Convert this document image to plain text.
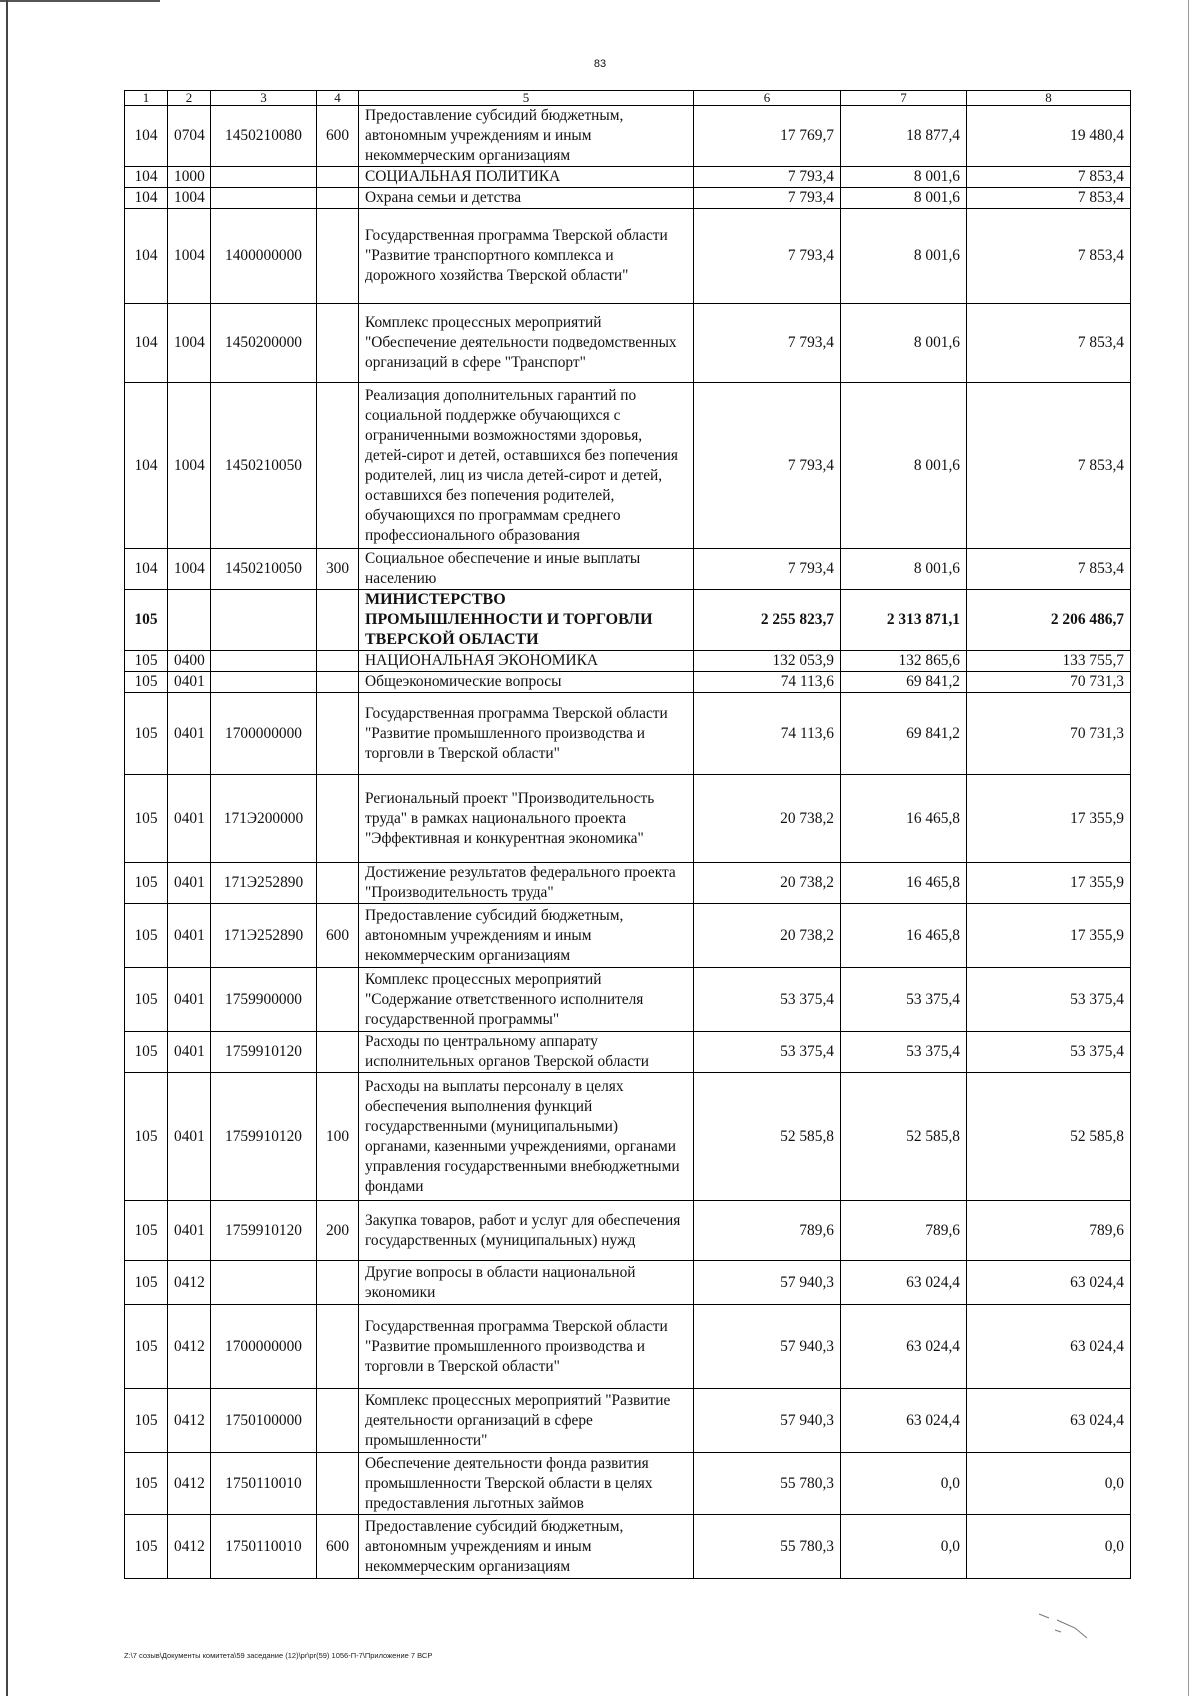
83
1	2	3	4	5	6	7	8
104	0704	1450210080	600	Предоставление субсидий бюджетным, автономным учреждениям и иным некоммерческим организациям	17 769,7	18 877,4	19 480,4
104	1000			СОЦИАЛЬНАЯ ПОЛИТИКА	7 793,4	8 001,6	7 853,4
104	1004			Охрана семьи и детства	7 793,4	8 001,6	7 853,4
104	1004	1400000000		Государственная программа Тверской области "Развитие транспортного комплекса и дорожного хозяйства Тверской области"	7 793,4	8 001,6	7 853,4
104	1004	1450200000		Комплекс процессных мероприятий "Обеспечение деятельности подведомственных организаций в сфере "Транспорт"	7 793,4	8 001,6	7 853,4
104	1004	1450210050		Реализация дополнительных гарантий по социальной поддержке обучающихся с ограниченными возможностями здоровья, детей-сирот и детей, оставшихся без попечения родителей, лиц из числа детей-сирот и детей, оставшихся без попечения родителей, обучающихся по программам среднего профессионального образования	7 793,4	8 001,6	7 853,4
104	1004	1450210050	300	Социальное обеспечение и иные выплаты населению	7 793,4	8 001,6	7 853,4
105				МИНИСТЕРСТВО ПРОМЫШЛЕННОСТИ И ТОРГОВЛИ ТВЕРСКОЙ ОБЛАСТИ	2 255 823,7	2 313 871,1	2 206 486,7
105	0400			НАЦИОНАЛЬНАЯ ЭКОНОМИКА	132 053,9	132 865,6	133 755,7
105	0401			Общеэкономические вопросы	74 113,6	69 841,2	70 731,3
105	0401	1700000000		Государственная программа Тверской области "Развитие промышленного производства и торговли в Тверской области"	74 113,6	69 841,2	70 731,3
105	0401	171Э200000		Региональный проект "Производительность труда" в рамках национального проекта "Эффективная и конкурентная экономика"	20 738,2	16 465,8	17 355,9
105	0401	171Э252890		Достижение результатов федерального проекта "Производительность труда"	20 738,2	16 465,8	17 355,9
105	0401	171Э252890	600	Предоставление субсидий бюджетным, автономным учреждениям и иным некоммерческим организациям	20 738,2	16 465,8	17 355,9
105	0401	1759900000		Комплекс процессных мероприятий "Содержание ответственного исполнителя государственной программы"	53 375,4	53 375,4	53 375,4
105	0401	1759910120		Расходы по центральному аппарату исполнительных органов Тверской области	53 375,4	53 375,4	53 375,4
105	0401	1759910120	100	Расходы на выплаты персоналу в целях обеспечения выполнения функций государственными (муниципальными) органами, казенными учреждениями, органами управления государственными внебюджетными фондами	52 585,8	52 585,8	52 585,8
105	0401	1759910120	200	Закупка товаров, работ и услуг для обеспечения государственных (муниципальных) нужд	789,6	789,6	789,6
105	0412			Другие вопросы в области национальной экономики	57 940,3	63 024,4	63 024,4
105	0412	1700000000		Государственная программа Тверской области "Развитие промышленного производства и торговли в Тверской области"	57 940,3	63 024,4	63 024,4
105	0412	1750100000		Комплекс процессных мероприятий "Развитие деятельности организаций в сфере промышленности"	57 940,3	63 024,4	63 024,4
105	0412	1750110010		Обеспечение деятельности фонда развития промышленности Тверской области в целях предоставления льготных займов	55 780,3	0,0	0,0
105	0412	1750110010	600	Предоставление субсидий бюджетным, автономным учреждениям и иным некоммерческим организациям	55 780,3	0,0	0,0
Z:\7 созыв\Документы комитета\59 заседание (12)\pr\pr(59) 1056-П-7\Приложение 7 ВСР
